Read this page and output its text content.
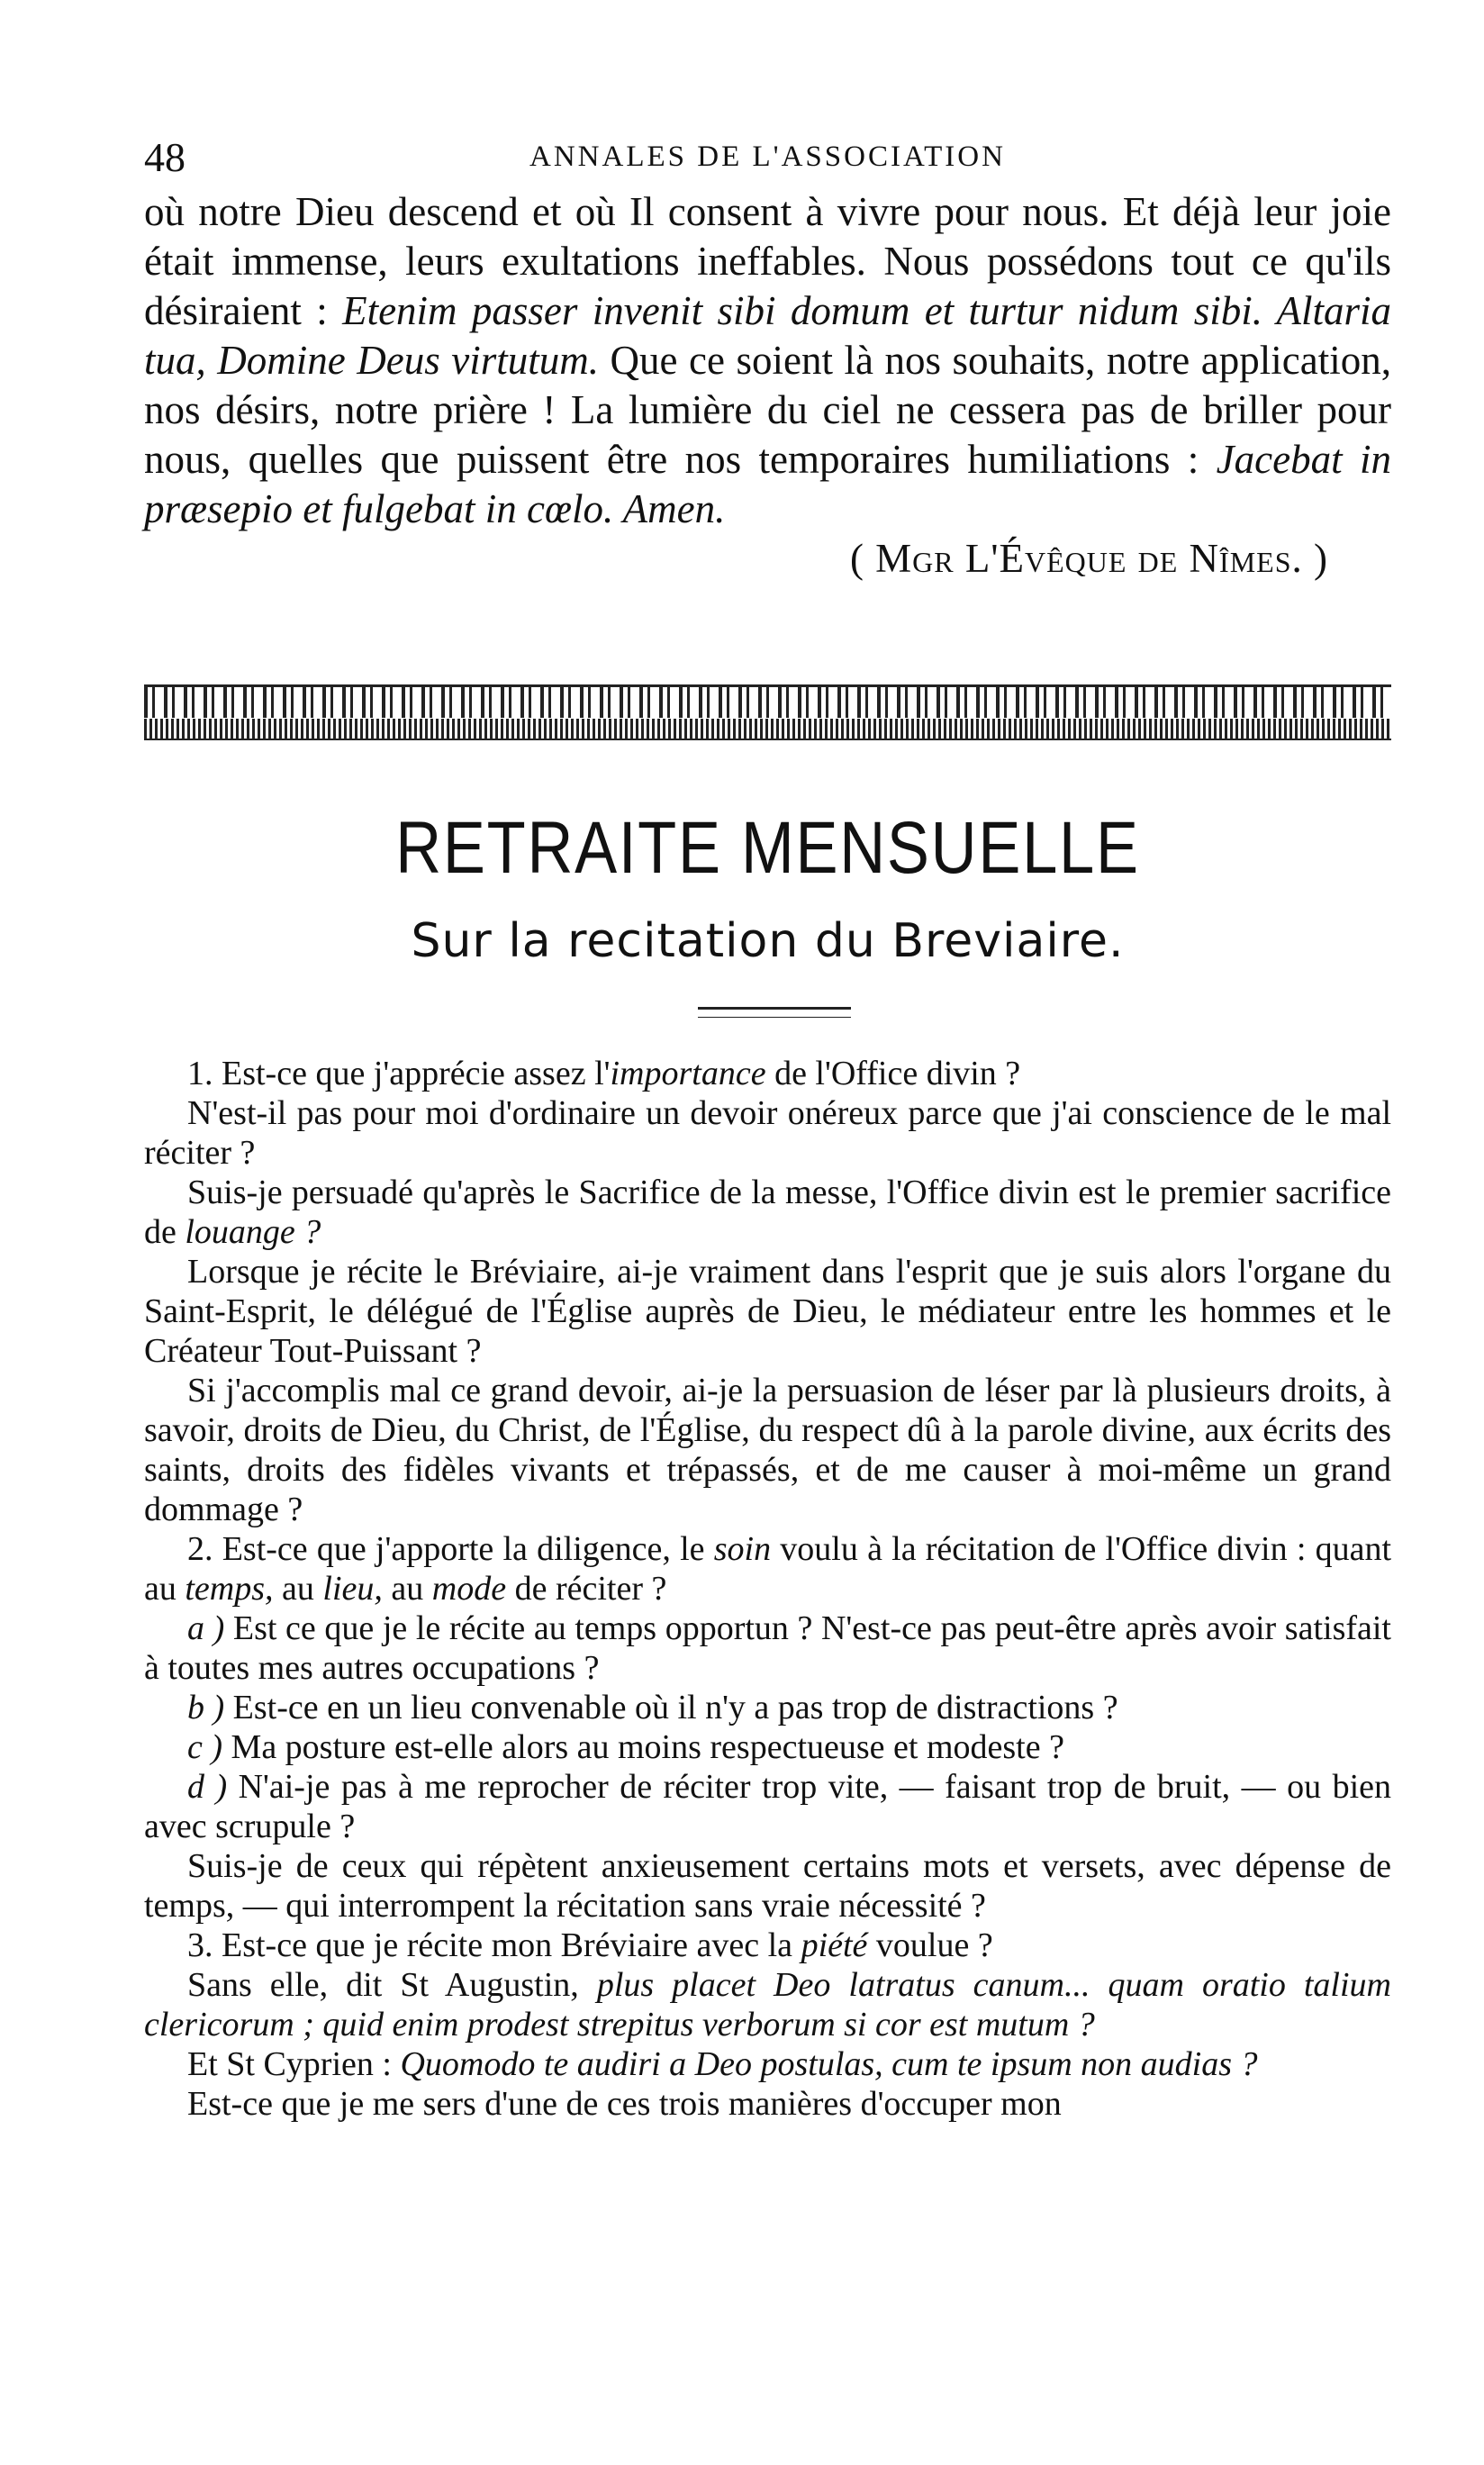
48	ANNALES DE L'ASSOCIATION

où notre Dieu descend et où Il consent à vivre pour nous. Et déjà leur joie était immense, leurs exultations ineffables. Nous possédons tout ce qu'ils désiraient : Etenim passer invenit sibi domum et turtur nidum sibi. Altaria tua, Domine Deus virtutum. Que ce soient là nos souhaits, notre application, nos désirs, notre prière ! La lumière du ciel ne cessera pas de briller pour nous, quelles que puissent être nos temporaires humiliations : Jacebat in præsepio et fulgebat in cœlo. Amen.

( Mgr L'Évêque de Nîmes. )

RETRAITE MENSUELLE
Sur la recitation du Breviaire.

1. Est-ce que j'apprécie assez l'importance de l'Office divin ?

N'est-il pas pour moi d'ordinaire un devoir onéreux parce que j'ai conscience de le mal réciter ?

Suis-je persuadé qu'après le Sacrifice de la messe, l'Office divin est le premier sacrifice de louange ?

Lorsque je récite le Bréviaire, ai-je vraiment dans l'esprit que je suis alors l'organe du Saint-Esprit, le délégué de l'Église auprès de Dieu, le médiateur entre les hommes et le Créateur Tout-Puissant ?

Si j'accomplis mal ce grand devoir, ai-je la persuasion de léser par là plusieurs droits, à savoir, droits de Dieu, du Christ, de l'Église, du respect dû à la parole divine, aux écrits des saints, droits des fidèles vivants et trépassés, et de me causer à moi-même un grand dommage ?

2. Est-ce que j'apporte la diligence, le soin voulu à la récitation de l'Office divin : quant au temps, au lieu, au mode de réciter ?

a ) Est ce que je le récite au temps opportun ? N'est-ce pas peut-être après avoir satisfait à toutes mes autres occupations ?

b ) Est-ce en un lieu convenable où il n'y a pas trop de distractions ?

c ) Ma posture est-elle alors au moins respectueuse et modeste ?

d ) N'ai-je pas à me reprocher de réciter trop vite, — faisant trop de bruit, — ou bien avec scrupule ?

Suis-je de ceux qui répètent anxieusement certains mots et versets, avec dépense de temps, — qui interrompent la récitation sans vraie nécessité ?

3. Est-ce que je récite mon Bréviaire avec la piété voulue ?

Sans elle, dit St Augustin, plus placet Deo latratus canum... quam oratio talium clericorum ; quid enim prodest strepitus verborum si cor est mutum ?

Et St Cyprien : Quomodo te audiri a Deo postulas, cum te ipsum non audias ?

Est-ce que je me sers d'une de ces trois manières d'occuper mon
